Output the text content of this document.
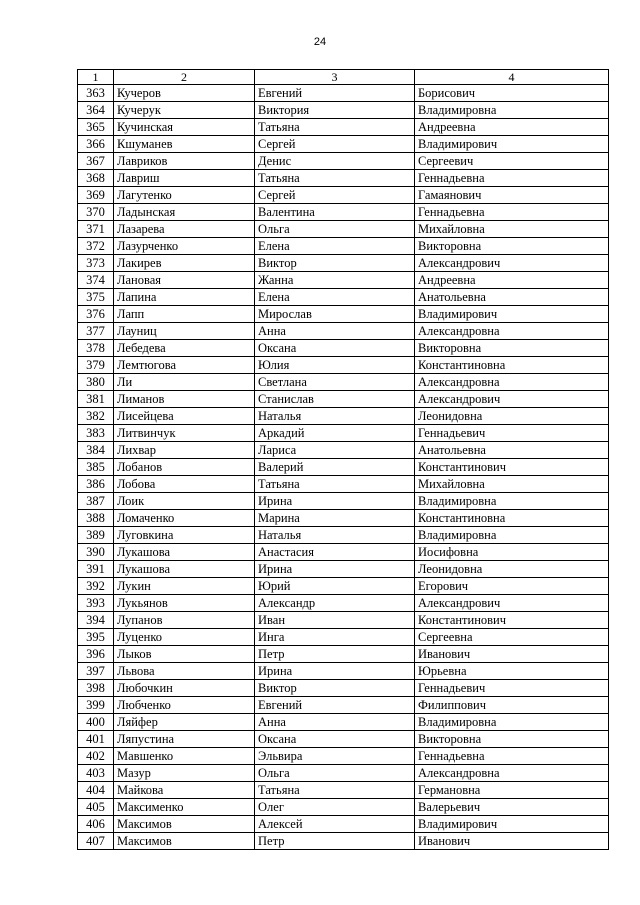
24
1	2	3	4
363	Кучеров	Евгений	Борисович
364	Кучерук	Виктория	Владимировна
365	Кучинская	Татьяна	Андреевна
366	Кшуманев	Сергей	Владимирович
367	Лавриков	Денис	Сергеевич
368	Лавриш	Татьяна	Геннадьевна
369	Лагутенко	Сергей	Гамаянович
370	Ладынская	Валентина	Геннадьевна
371	Лазарева	Ольга	Михайловна
372	Лазурченко	Елена	Викторовна
373	Лакирев	Виктор	Александрович
374	Лановая	Жанна	Андреевна
375	Лапина	Елена	Анатольевна
376	Лапп	Мирослав	Владимирович
377	Лауниц	Анна	Александровна
378	Лебедева	Оксана	Викторовна
379	Лемтюгова	Юлия	Константиновна
380	Ли	Светлана	Александровна
381	Лиманов	Станислав	Александрович
382	Лисейцева	Наталья	Леонидовна
383	Литвинчук	Аркадий	Геннадьевич
384	Лихвар	Лариса	Анатольевна
385	Лобанов	Валерий	Константинович
386	Лобова	Татьяна	Михайловна
387	Лоик	Ирина	Владимировна
388	Ломаченко	Марина	Константиновна
389	Луговкина	Наталья	Владимировна
390	Лукашова	Анастасия	Иосифовна
391	Лукашова	Ирина	Леонидовна
392	Лукин	Юрий	Егорович
393	Лукьянов	Александр	Александрович
394	Лупанов	Иван	Константинович
395	Луценко	Инга	Сергеевна
396	Лыков	Петр	Иванович
397	Львова	Ирина	Юрьевна
398	Любочкин	Виктор	Геннадьевич
399	Любченко	Евгений	Филиппович
400	Ляйфер	Анна	Владимировна
401	Ляпустина	Оксана	Викторовна
402	Мавшенко	Эльвира	Геннадьевна
403	Мазур	Ольга	Александровна
404	Майкова	Татьяна	Германовна
405	Максименко	Олег	Валерьевич
406	Максимов	Алексей	Владимирович
407	Максимов	Петр	Иванович
